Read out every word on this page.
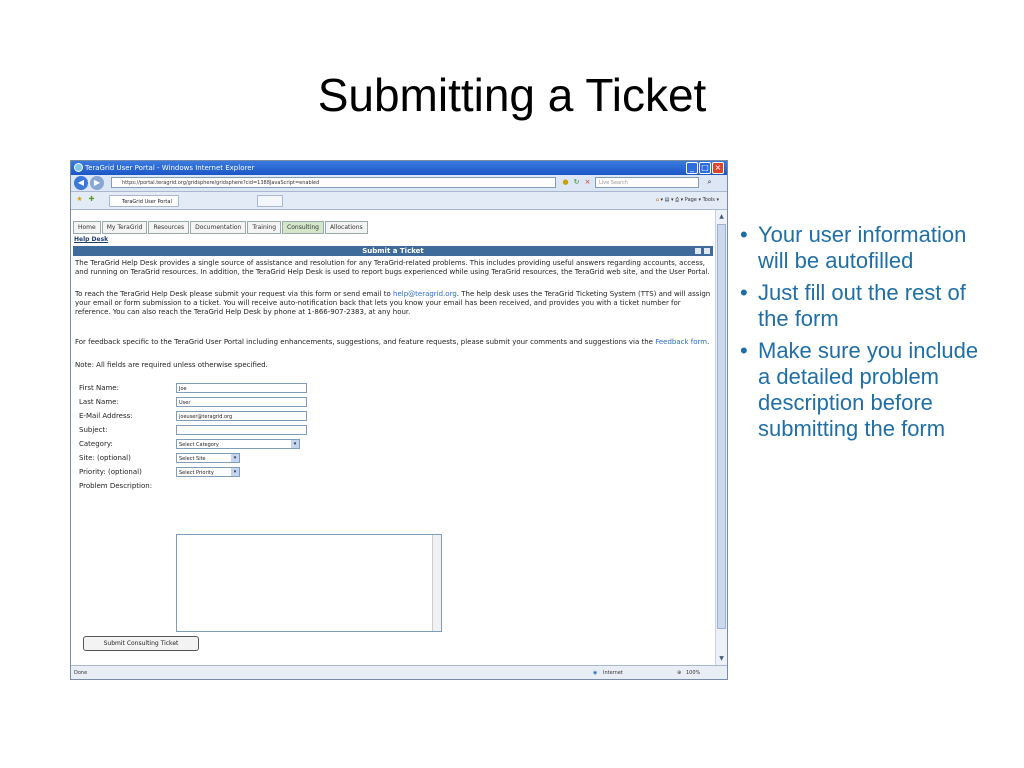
Submitting a Ticket
TeraGrid User Portal - Windows Internet Explorer	_ □ ×
◀	▶	https://portal.teragrid.org/gridsphere/gridsphere?cid=1388JavaScript=enabled	● ↻ ×	Live Search	⌕
★ ✚	TeraGrid User Portal	⌂ ▾ ▤ ▾ ⎙ ▾ Page ▾ Tools ▾
Home My TeraGrid Resources Documentation Training Consulting Allocations
Help Desk
Submit a Ticket

The TeraGrid Help Desk provides a single source of assistance and resolution for any TeraGrid-related problems. This includes providing useful answers regarding accounts, access, and running on TeraGrid resources. In addition, the TeraGrid Help Desk is used to report bugs experienced while using TeraGrid resources, the TeraGrid web site, and the User Portal.

To reach the TeraGrid Help Desk please submit your request via this form or send email to help@teragrid.org. The help desk uses the TeraGrid Ticketing System (TTS) and will assign your email or form submission to a ticket. You will receive auto-notification back that lets you know your email has been received, and provides you with a ticket number for reference. You can also reach the TeraGrid Help Desk by phone at 1-866-907-2383, at any hour.

For feedback specific to the TeraGrid User Portal including enhancements, suggestions, and feature requests, please submit your comments and suggestions via the Feedback form.

Note: All fields are required unless otherwise specified.

First Name:	Joe
Last Name:	User
E-Mail Address:	joeuser@teragrid.org
Subject:
Category:	Select Category	▾
Site: (optional)	Select Site	▾
Priority: (optional)	Select Priority	▾
Problem Description:
Submit Consulting Ticket
▲
▼
Done	◉ Internet	⊕ 100%
• Your user information will be autofilled
• Just fill out the rest of the form
• Make sure you include a detailed problem description before submitting the form
